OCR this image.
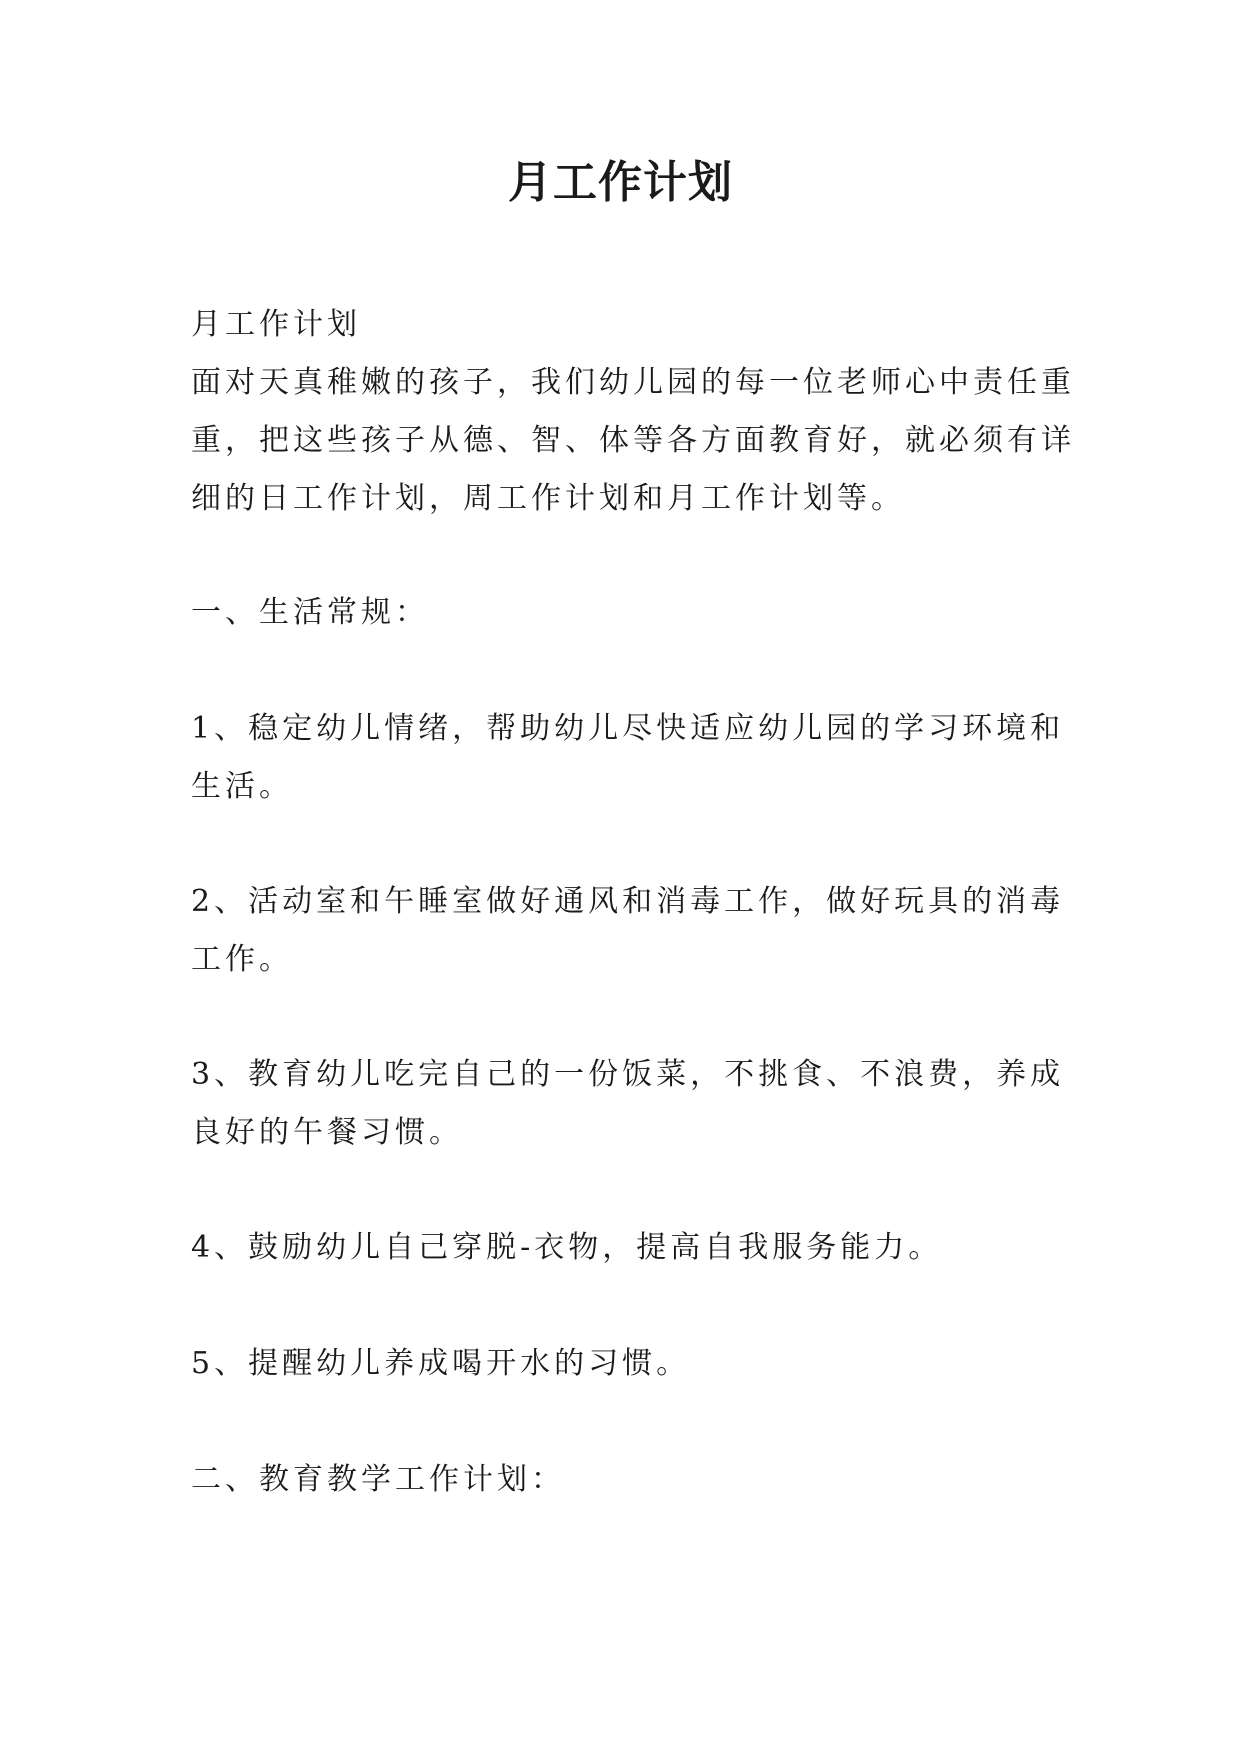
月工作计划
月工作计划
面对天真稚嫩的孩子，我们幼儿园的每一位老师心中责任重
重，把这些孩子从德、智、体等各方面教育好，就必须有详
细的日工作计划，周工作计划和月工作计划等。
一、生活常规：
1、稳定幼儿情绪，帮助幼儿尽快适应幼儿园的学习环境和
生活。
2、活动室和午睡室做好通风和消毒工作，做好玩具的消毒
工作。
3、教育幼儿吃完自己的一份饭菜，不挑食、不浪费，养成
良好的午餐习惯。
4、鼓励幼儿自己穿脱-衣物，提高自我服务能力。
5、提醒幼儿养成喝开水的习惯。
二、教育教学工作计划：
